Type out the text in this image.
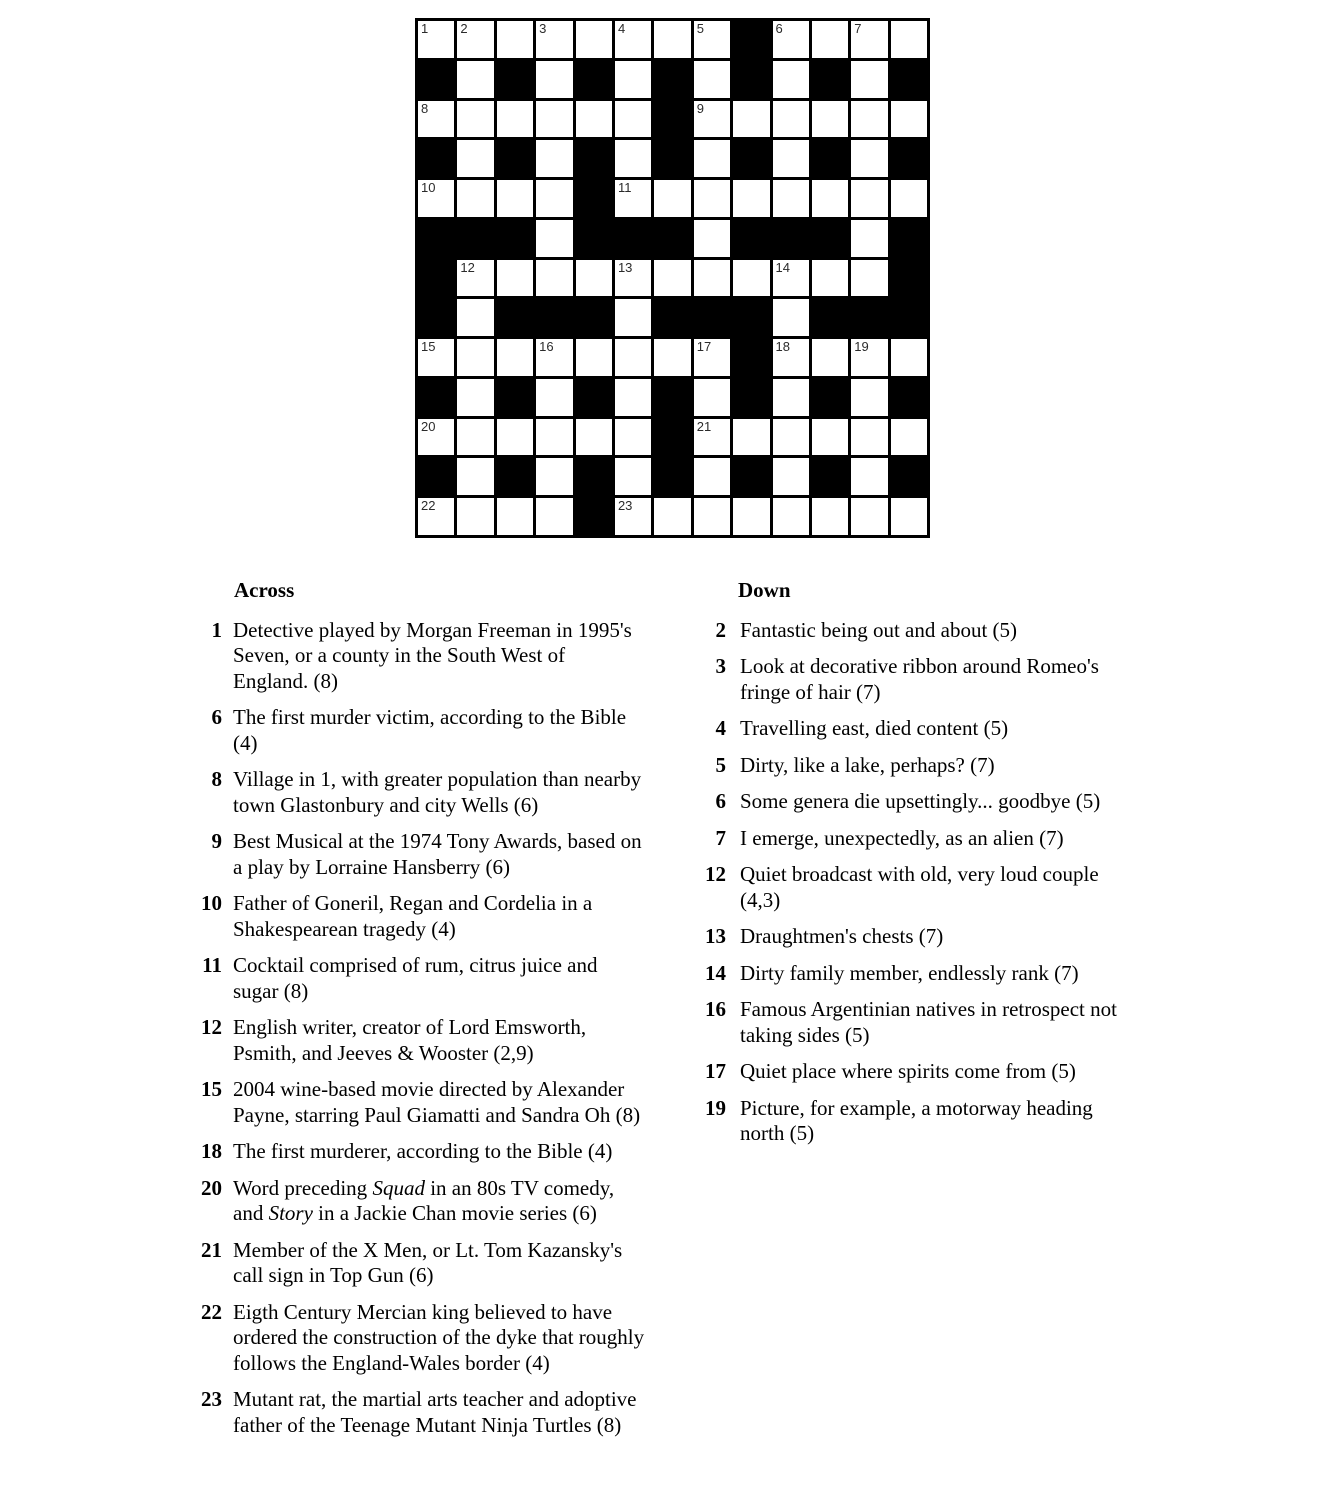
1 2	3	4	5	6	7
8	9
10	11
12	13	14
15	16	17	18	19
20	21
22	23
Across
1 Detective played by Morgan Freeman in 1995's Seven, or a county in the South West of England. (8)
6 The first murder victim, according to the Bible (4)
8 Village in 1, with greater population than nearby town Glastonbury and city Wells (6)
9 Best Musical at the 1974 Tony Awards, based on a play by Lorraine Hansberry (6)
10 Father of Goneril, Regan and Cordelia in a Shakespearean tragedy (4)
11 Cocktail comprised of rum, citrus juice and sugar (8)
12 English writer, creator of Lord Emsworth, Psmith, and Jeeves & Wooster (2,9)
15 2004 wine-based movie directed by Alexander Payne, starring Paul Giamatti and Sandra Oh (8)
18 The first murderer, according to the Bible (4)
20 Word preceding Squad in an 80s TV comedy, and Story in a Jackie Chan movie series (6)
21 Member of the X Men, or Lt. Tom Kazansky's call sign in Top Gun (6)
22 Eigth Century Mercian king believed to have ordered the construction of the dyke that roughly follows the England-Wales border (4)
23 Mutant rat, the martial arts teacher and adoptive father of the Teenage Mutant Ninja Turtles (8)
Down
2 Fantastic being out and about (5)
3 Look at decorative ribbon around Romeo's fringe of hair (7)
4 Travelling east, died content (5)
5 Dirty, like a lake, perhaps? (7)
6 Some genera die upsettingly... goodbye (5)
7 I emerge, unexpectedly, as an alien (7)
12 Quiet broadcast with old, very loud couple (4,3)
13 Draughtmen's chests (7)
14 Dirty family member, endlessly rank (7)
16 Famous Argentinian natives in retrospect not taking sides (5)
17 Quiet place where spirits come from (5)
19 Picture, for example, a motorway heading north (5)
